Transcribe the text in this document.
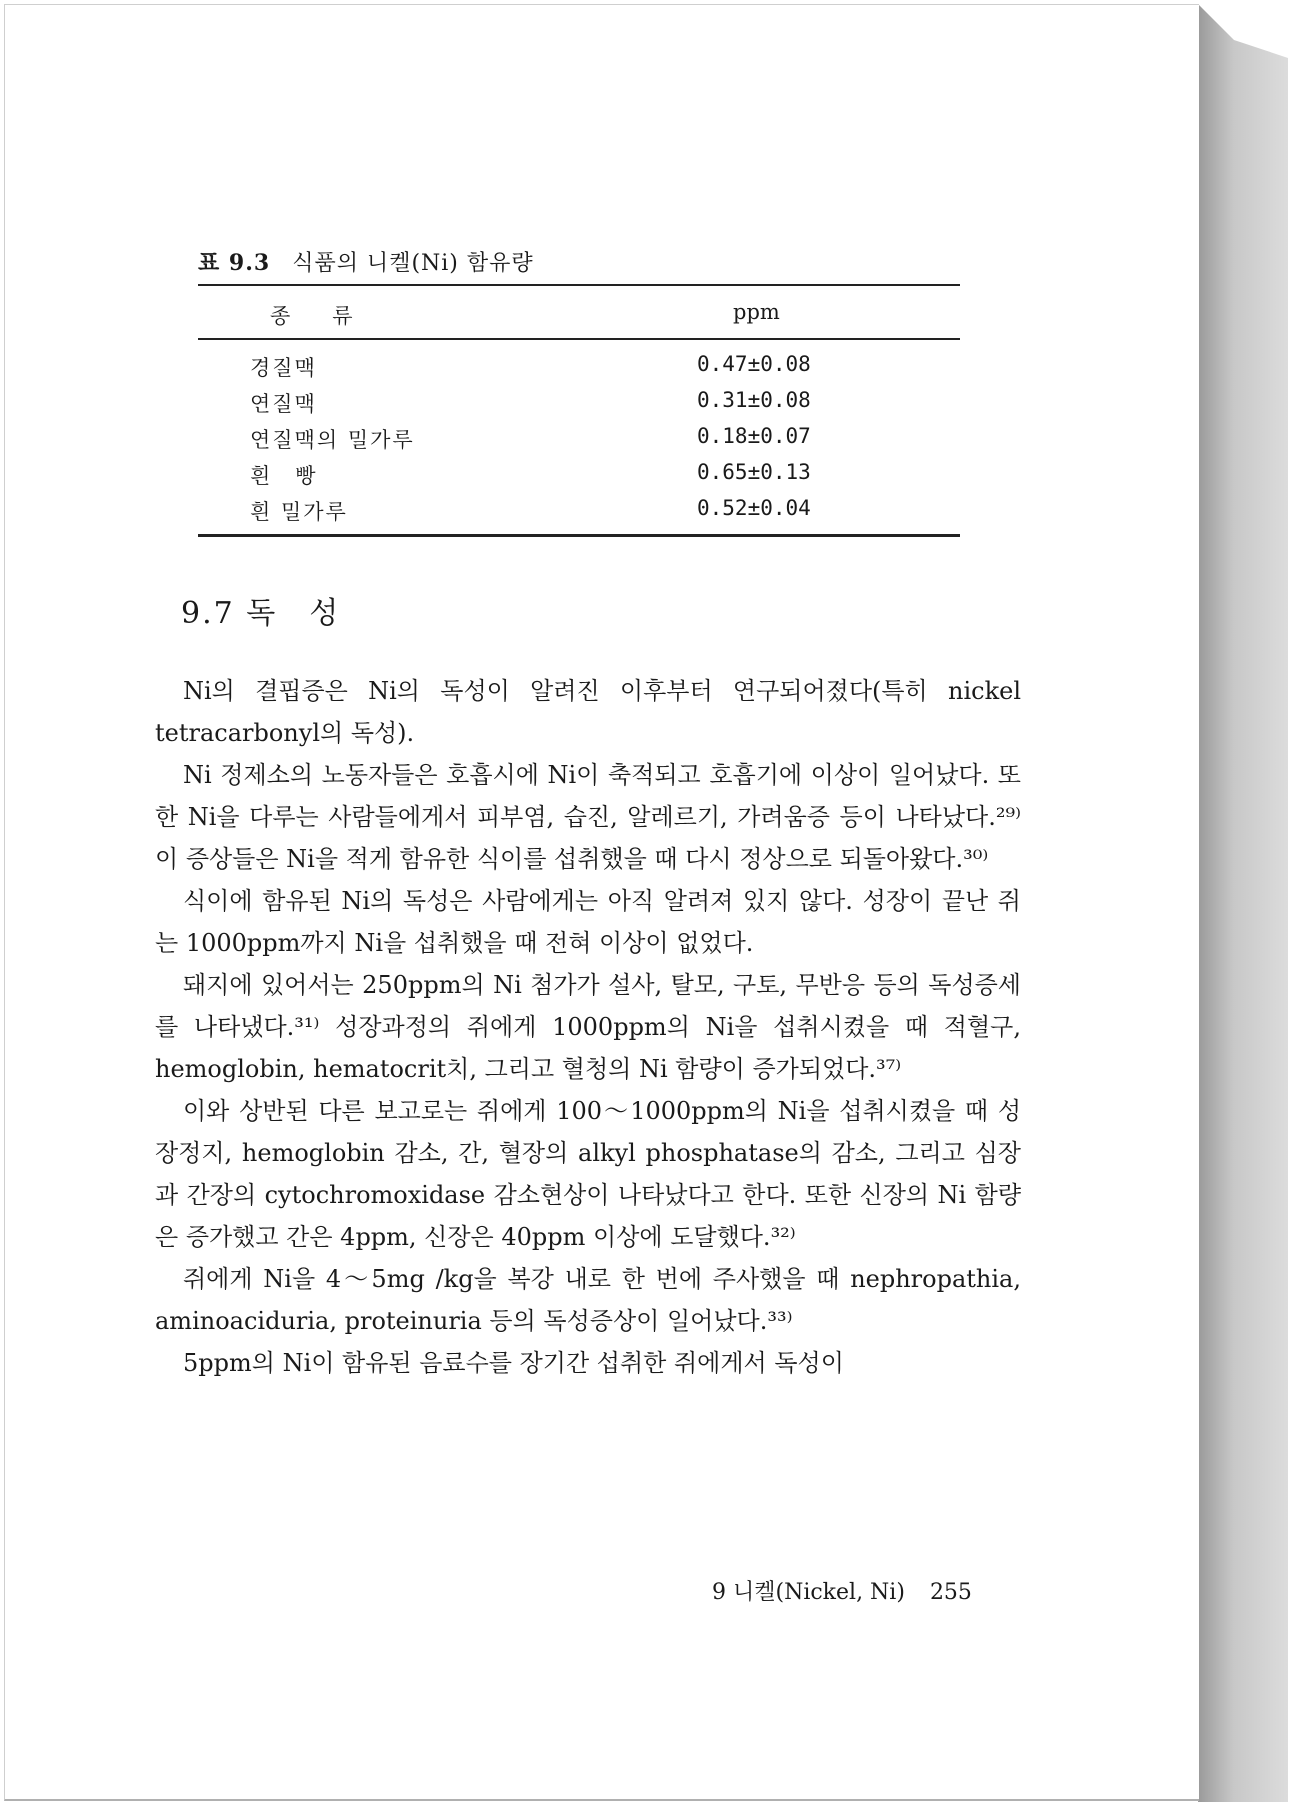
표 9.3 식품의 니켈(Ni) 함유량
종　　류	ppm
경질맥	0.47±0.08
연질맥	0.31±0.08
연질맥의 밀가루	0.18±0.07
흰　빵	0.65±0.13
흰 밀가루	0.52±0.04
9.7 독　성

Ni의 결핍증은 Ni의 독성이 알려진 이후부터 연구되어졌다(특히 nickel tetracarbonyl의 독성).

Ni 정제소의 노동자들은 호흡시에 Ni이 축적되고 호흡기에 이상이 일어났다. 또한 Ni을 다루는 사람들에게서 피부염, 습진, 알레르기, 가려움증 등이 나타났다.²⁹⁾ 이 증상들은 Ni을 적게 함유한 식이를 섭취했을 때 다시 정상으로 되돌아왔다.³⁰⁾

식이에 함유된 Ni의 독성은 사람에게는 아직 알려져 있지 않다. 성장이 끝난 쥐는 1000ppm까지 Ni을 섭취했을 때 전혀 이상이 없었다.

돼지에 있어서는 250ppm의 Ni 첨가가 설사, 탈모, 구토, 무반응 등의 독성증세를 나타냈다.³¹⁾ 성장과정의 쥐에게 1000ppm의 Ni을 섭취시켰을 때 적혈구, hemoglobin, hematocrit치, 그리고 혈청의 Ni 함량이 증가되었다.³⁷⁾

이와 상반된 다른 보고로는 쥐에게 100～1000ppm의 Ni을 섭취시켰을 때 성장정지, hemoglobin 감소, 간, 혈장의 alkyl phosphatase의 감소, 그리고 심장과 간장의 cytochromoxidase 감소현상이 나타났다고 한다. 또한 신장의 Ni 함량은 증가했고 간은 4ppm, 신장은 40ppm 이상에 도달했다.³²⁾

쥐에게 Ni을 4～5mg /kg을 복강 내로 한 번에 주사했을 때 nephropathia, aminoaciduria, proteinuria 등의 독성증상이 일어났다.³³⁾

5ppm의 Ni이 함유된 음료수를 장기간 섭취한 쥐에게서 독성이

9 니켈(Nickel, Ni) 255
